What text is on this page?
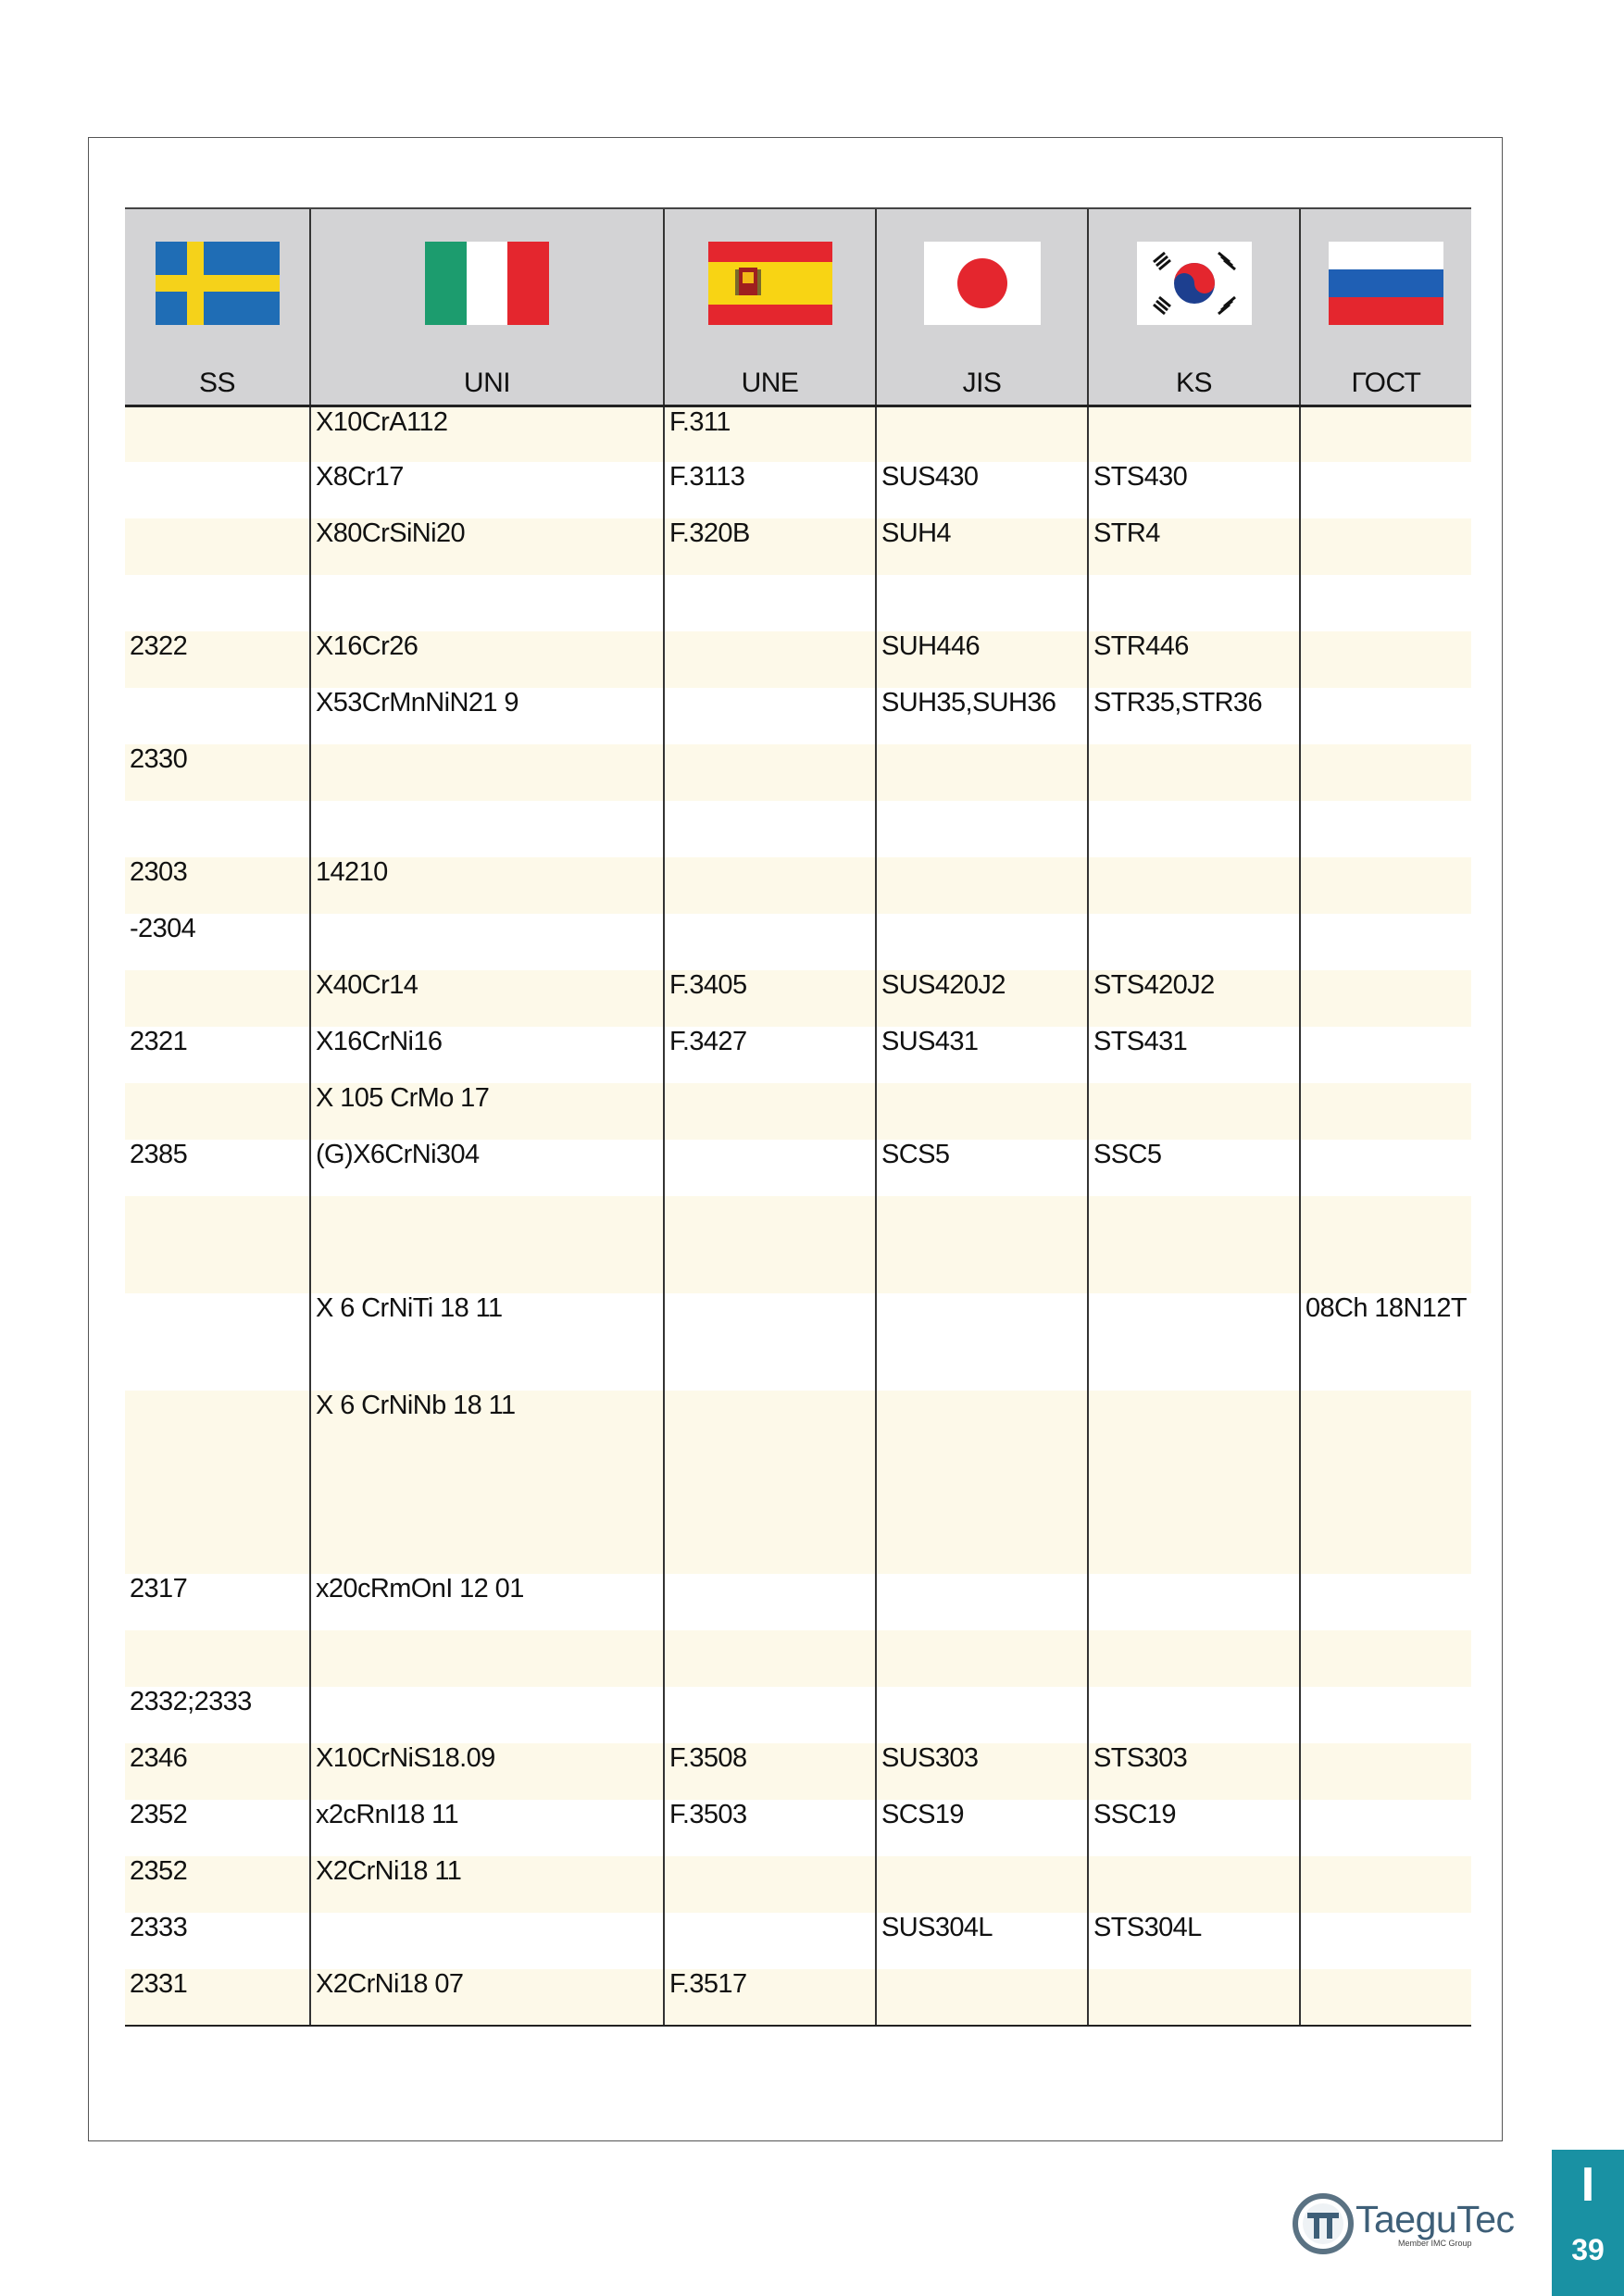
SS	UNI	UNE	JIS	KS	ГОСТ

	X10CrA112	F.311			
	X8Cr17	F.3113	SUS430	STS430	
	X80CrSiNi20	F.320B	SUH4	STR4	

2322	X16Cr26		SUH446	STR446	
	X53CrMnNiN21 9		SUH35,SUH36	STR35,STR36	
2330					

2303	14210				
-2304					
	X40Cr14	F.3405	SUS420J2	STS420J2	
2321	X16CrNi16	F.3427	SUS431	STS431	
	X 105 CrMo 17				
2385	(G)X6CrNi304		SCS5	SSC5	

	X 6 CrNiTi 18 11				08Ch 18N12T
	X 6 CrNiNb 18 11				
2317	x20cRmOnI 12 01				

2332;2333					
2346	X10CrNiS18.09	F.3508	SUS303	STS303	
2352	x2cRnI18 11	F.3503	SCS19	SSC19	
2352	X2CrNi18 11				
2333			SUS304L	STS304L	
2331	X2CrNi18 07	F.3517			
TaeguTec
Member IMC Group
I
39
